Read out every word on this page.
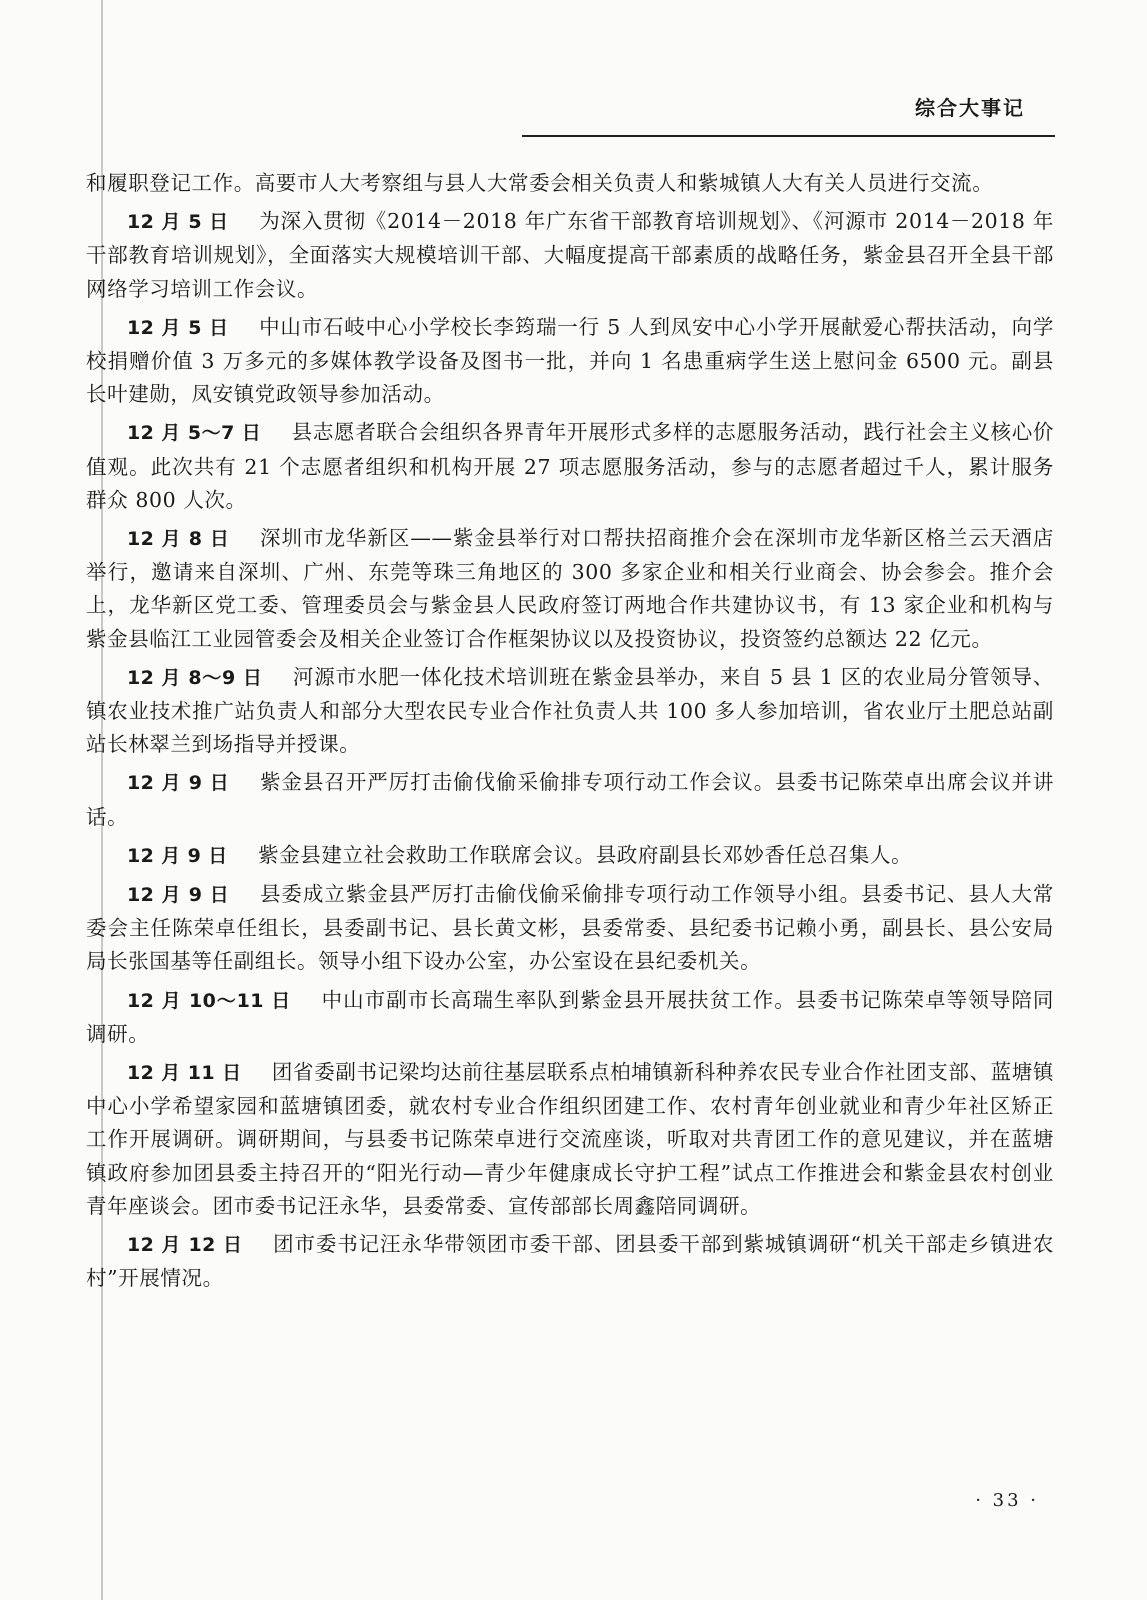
综合大事记

和履职登记工作。高要市人大考察组与县人大常委会相关负责人和紫城镇人大有关人员进行交流。

12 月 5 日 为深入贯彻《2014－2018 年广东省干部教育培训规划》、《河源市 2014－2018 年干部教育培训规划》，全面落实大规模培训干部、大幅度提高干部素质的战略任务，紫金县召开全县干部网络学习培训工作会议。

12 月 5 日 中山市石岐中心小学校长李筠瑞一行 5 人到凤安中心小学开展献爱心帮扶活动，向学校捐赠价值 3 万多元的多媒体教学设备及图书一批，并向 1 名患重病学生送上慰问金 6500 元。副县长叶建勋，凤安镇党政领导参加活动。

12 月 5～7 日 县志愿者联合会组织各界青年开展形式多样的志愿服务活动，践行社会主义核心价值观。此次共有 21 个志愿者组织和机构开展 27 项志愿服务活动，参与的志愿者超过千人，累计服务群众 800 人次。

12 月 8 日 深圳市龙华新区——紫金县举行对口帮扶招商推介会在深圳市龙华新区格兰云天酒店举行，邀请来自深圳、广州、东莞等珠三角地区的 300 多家企业和相关行业商会、协会参会。推介会上，龙华新区党工委、管理委员会与紫金县人民政府签订两地合作共建协议书，有 13 家企业和机构与紫金县临江工业园管委会及相关企业签订合作框架协议以及投资协议，投资签约总额达 22 亿元。

12 月 8～9 日 河源市水肥一体化技术培训班在紫金县举办，来自 5 县 1 区的农业局分管领导、镇农业技术推广站负责人和部分大型农民专业合作社负责人共 100 多人参加培训，省农业厅土肥总站副站长林翠兰到场指导并授课。

12 月 9 日 紫金县召开严厉打击偷伐偷采偷排专项行动工作会议。县委书记陈荣卓出席会议并讲话。

12 月 9 日 紫金县建立社会救助工作联席会议。县政府副县长邓妙香任总召集人。

12 月 9 日 县委成立紫金县严厉打击偷伐偷采偷排专项行动工作领导小组。县委书记、县人大常委会主任陈荣卓任组长，县委副书记、县长黄文彬，县委常委、县纪委书记赖小勇，副县长、县公安局局长张国基等任副组长。领导小组下设办公室，办公室设在县纪委机关。

12 月 10～11 日 中山市副市长高瑞生率队到紫金县开展扶贫工作。县委书记陈荣卓等领导陪同调研。

12 月 11 日 团省委副书记梁均达前往基层联系点柏埔镇新科种养农民专业合作社团支部、蓝塘镇中心小学希望家园和蓝塘镇团委，就农村专业合作组织团建工作、农村青年创业就业和青少年社区矫正工作开展调研。调研期间，与县委书记陈荣卓进行交流座谈，听取对共青团工作的意见建议，并在蓝塘镇政府参加团县委主持召开的“阳光行动—青少年健康成长守护工程”试点工作推进会和紫金县农村创业青年座谈会。团市委书记汪永华，县委常委、宣传部部长周鑫陪同调研。

12 月 12 日 团市委书记汪永华带领团市委干部、团县委干部到紫城镇调研“机关干部走乡镇进农村”开展情况。

· 33 ·
